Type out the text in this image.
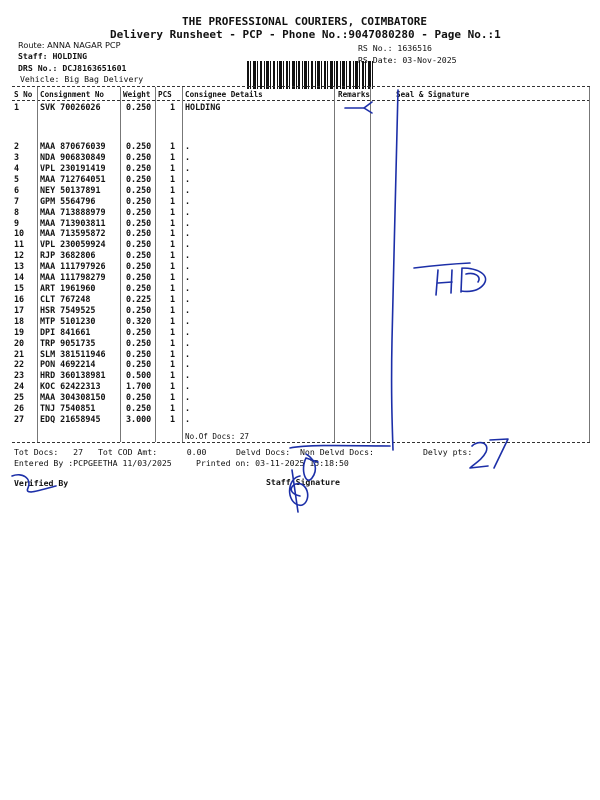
THE PROFESSIONAL COURIERS, COIMBATORE
Delivery Runsheet - PCP - Phone No.:9047080280 - Page No.:1
Route: ANNA NAGAR PCP
Staff: HOLDING
DRS No.: DCJ8163651601
Vehicle: Big Bag Delivery

RS No.: 1636516
RS Date: 03-Nov-2025
S No Consignment No Weight PCS Consignee Details	Remarks	Seal & Signature
1 SVK 70026026	0.250 1 HOLDING
2 MAA 870676039 0.250 1 .
3 NDA 906830849 0.250 1 .
4 VPL 230191419 0.250 1 .
5 MAA 712764051 0.250 1 .
6 NEY 50137891	0.250 1 .
7 GPM 5564796	0.250 1 .
8 MAA 713888979 0.250 1 .
9 MAA 713903811 0.250 1 .
10 MAA 713595872 0.250 1 .
11 VPL 230059924 0.250 1 .
12 RJP 3682806	0.250 1 .
13 MAA 111797926 0.250 1 .
14 MAA 111798279 0.250 1 .
15 ART 1961960	0.250 1 .
16 CLT 767248	0.225 1 .
17 HSR 7549525	0.250 1 .
18 MTP 5101230	0.320 1 .
19 DPI 841661	0.250 1 .
20 TRP 9051735	0.250 1 .
21 SLM 381511946 0.250 1 .
22 PON 4692214	0.250 1 .
23 HRD 360138981 0.500 1 .
24 KOC 62422313	1.700 1 .
25 MAA 304308150 0.250 1 .
26 TNJ 7540851	0.250 1 .
27 EDQ 21658945	3.000 1 .
No.Of Docs: 27
Tot Docs:   27 Tot COD Amt:      0.00	Delvd Docs: Non Delvd Docs:	Delvy pts:
Entered By :PCPGEETHA 11/03/2025	Printed on: 03-11-2025 15:18:50
Verified By	Staff Signature
